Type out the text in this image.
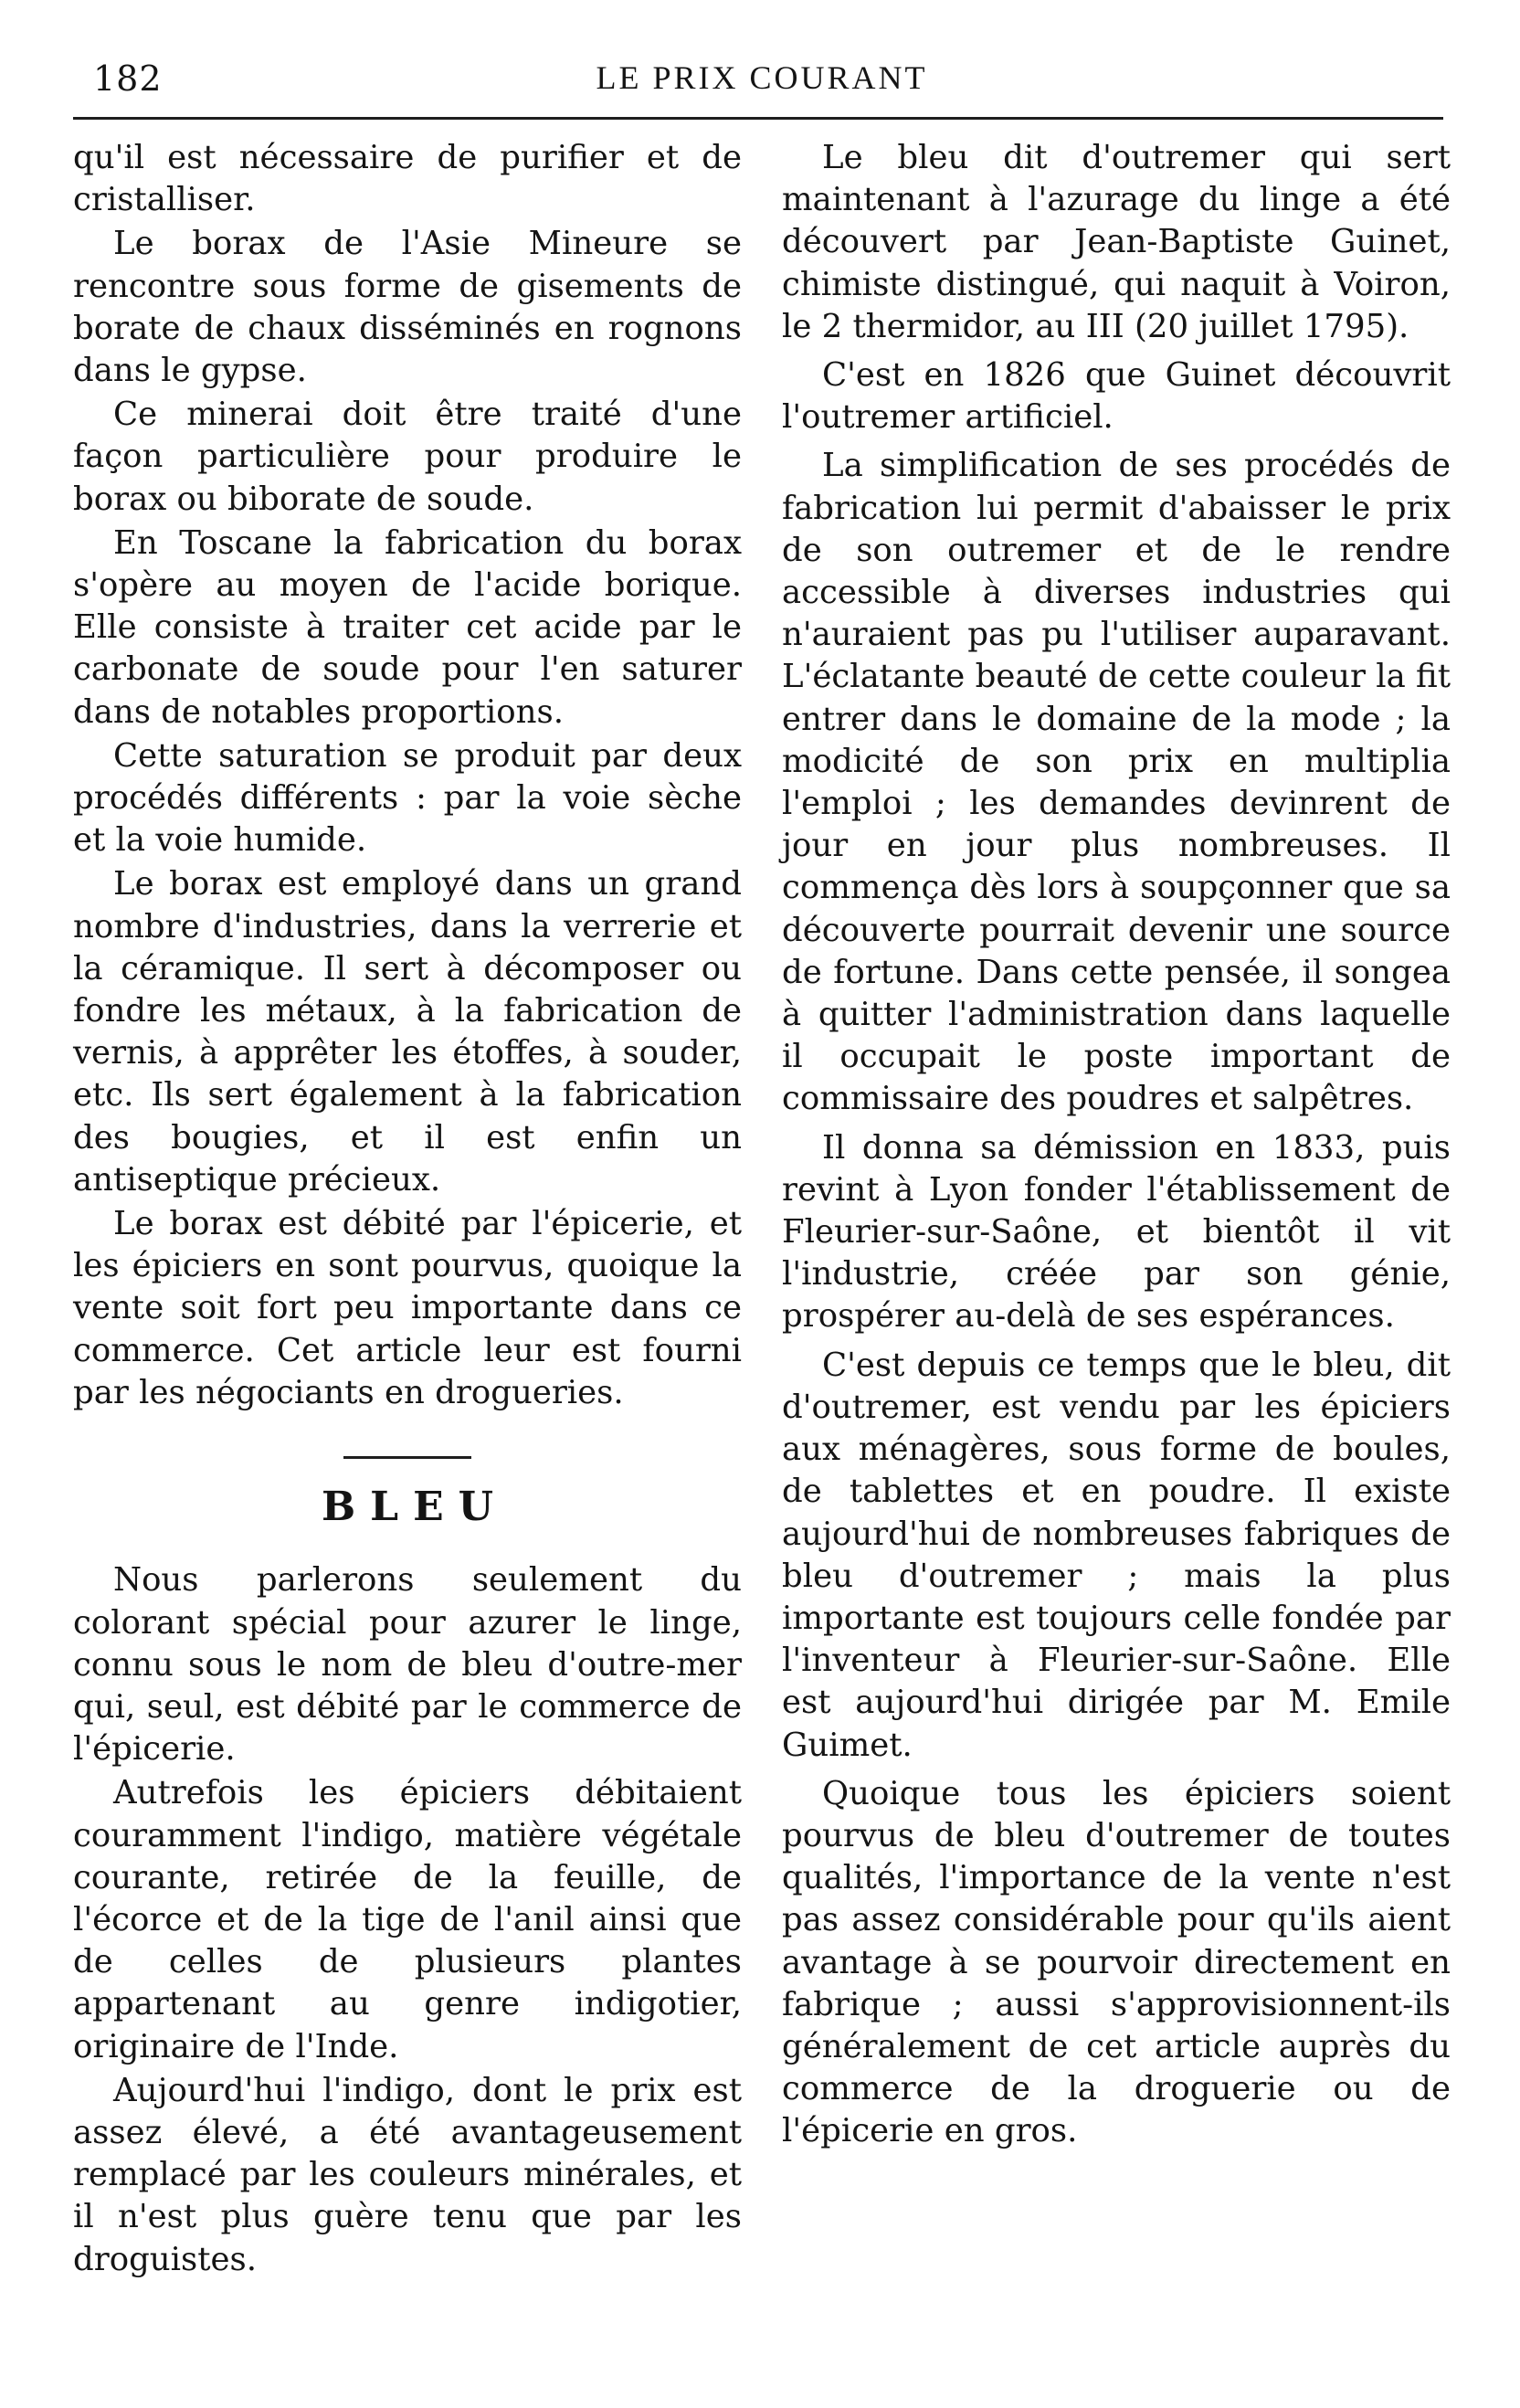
182	LE PRIX COURANT

qu'il est nécessaire de purifier et de cristalliser.

Le borax de l'Asie Mineure se rencontre sous forme de gisements de borate de chaux disséminés en rognons dans le gypse.

Ce minerai doit être traité d'une façon particulière pour produire le borax ou biborate de soude.

En Toscane la fabrication du borax s'opère au moyen de l'acide borique. Elle consiste à traiter cet acide par le carbonate de soude pour l'en saturer dans de notables proportions.

Cette saturation se produit par deux procédés différents : par la voie sèche et la voie humide.

Le borax est employé dans un grand nombre d'industries, dans la verrerie et la céramique. Il sert à décomposer ou fondre les métaux, à la fabrication de vernis, à apprêter les étoffes, à souder, etc. Ils sert également à la fabrication des bougies, et il est enfin un antiseptique précieux.

Le borax est débité par l'épicerie, et les épiciers en sont pourvus, quoique la vente soit fort peu importante dans ce commerce. Cet article leur est fourni par les négociants en drogueries.

BLEU

Nous parlerons seulement du colorant spécial pour azurer le linge, connu sous le nom de bleu d'outre-mer qui, seul, est débité par le commerce de l'épicerie.

Autrefois les épiciers débitaient couramment l'indigo, matière végétale courante, retirée de la feuille, de l'écorce et de la tige de l'anil ainsi que de celles de plusieurs plantes appartenant au genre indigotier, originaire de l'Inde.

Aujourd'hui l'indigo, dont le prix est assez élevé, a été avantageusement remplacé par les couleurs minérales, et il n'est plus guère tenu que par les droguistes.

Le bleu dit d'outremer qui sert maintenant à l'azurage du linge a été découvert par Jean-Baptiste Guinet, chimiste distingué, qui naquit à Voiron, le 2 thermidor, au III (20 juillet 1795).

C'est en 1826 que Guinet découvrit l'outremer artificiel.

La simplification de ses procédés de fabrication lui permit d'abaisser le prix de son outremer et de le rendre accessible à diverses industries qui n'auraient pas pu l'utiliser auparavant. L'éclatante beauté de cette couleur la fit entrer dans le domaine de la mode ; la modicité de son prix en multiplia l'emploi ; les demandes devinrent de jour en jour plus nombreuses. Il commença dès lors à soupçonner que sa découverte pourrait devenir une source de fortune. Dans cette pensée, il songea à quitter l'administration dans laquelle il occupait le poste important de commissaire des poudres et salpêtres.

Il donna sa démission en 1833, puis revint à Lyon fonder l'établissement de Fleurier-sur-Saône, et bientôt il vit l'industrie, créée par son génie, prospérer au-delà de ses espérances.

C'est depuis ce temps que le bleu, dit d'outremer, est vendu par les épiciers aux ménagères, sous forme de boules, de tablettes et en poudre. Il existe aujourd'hui de nombreuses fabriques de bleu d'outremer ; mais la plus importante est toujours celle fondée par l'inventeur à Fleurier-sur-Saône. Elle est aujourd'hui dirigée par M. Emile Guimet.

Quoique tous les épiciers soient pourvus de bleu d'outremer de toutes qualités, l'importance de la vente n'est pas assez considérable pour qu'ils aient avantage à se pourvoir directement en fabrique ; aussi s'approvisionnent-ils généralement de cet article auprès du commerce de la droguerie ou de l'épicerie en gros.
